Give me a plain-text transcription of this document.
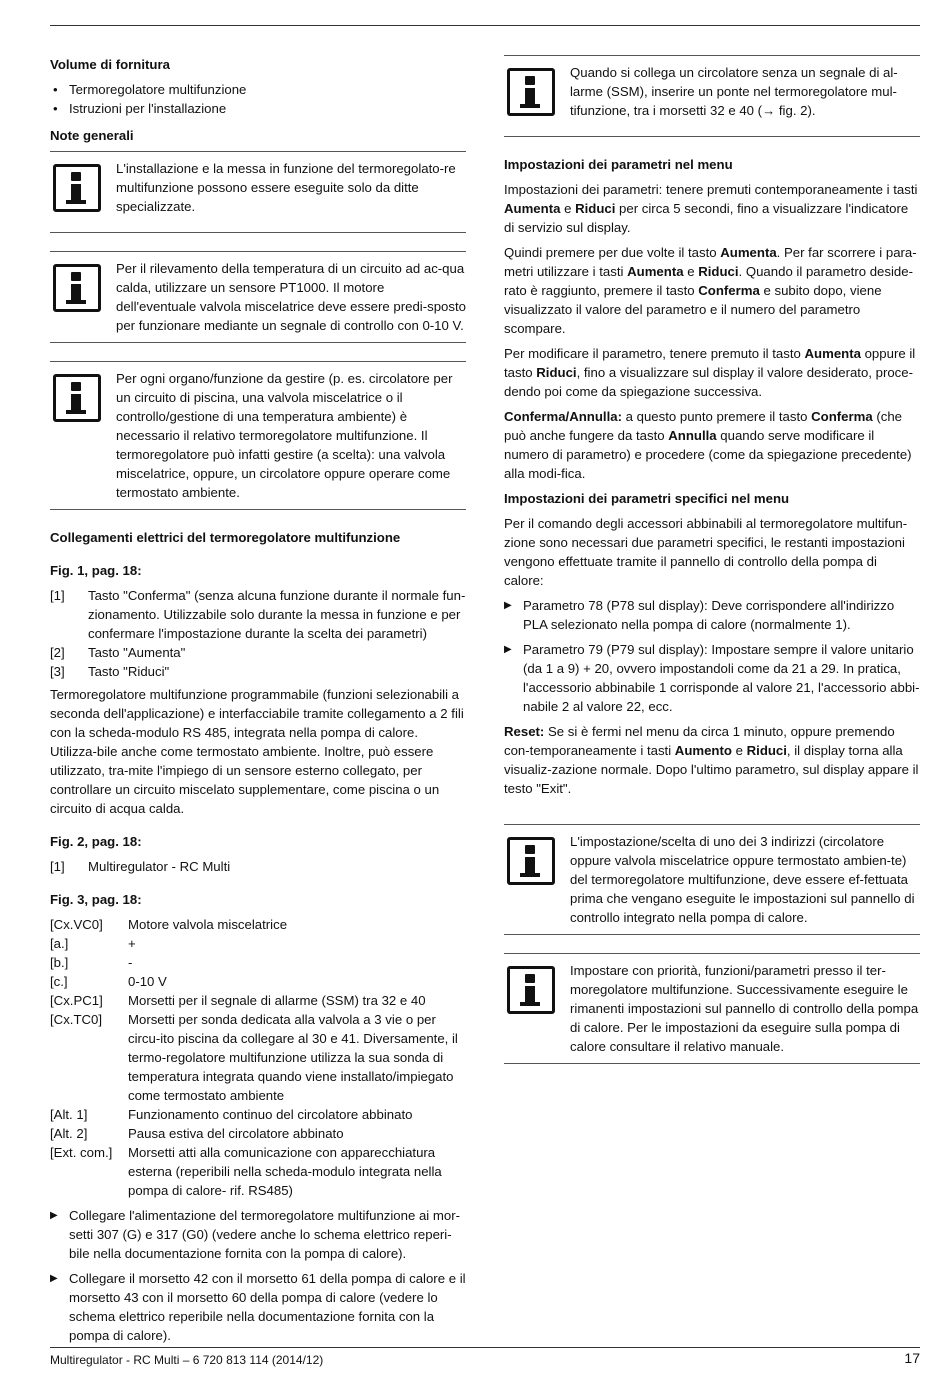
Volume di fornitura
• Termoregolatore multifunzione
• Istruzioni per l'installazione
Note generali
L'installazione e la messa in funzione del termoregolato-re multifunzione possono essere eseguite solo da ditte specializzate.
Per il rilevamento della temperatura di un circuito ad ac-qua calda, utilizzare un sensore PT1000. Il motore dell'eventuale valvola miscelatrice deve essere predi-sposto per funzionare mediante un segnale di controllo con 0-10 V.
Per ogni organo/funzione da gestire (p. es. circolatore per un circuito di piscina, una valvola miscelatrice o il controllo/gestione di una temperatura ambiente) è necessario il relativo termoregolatore multifunzione. Il termoregolatore può infatti gestire (a scelta): una valvola miscelatrice, oppure, un circolatore oppure operare come termostato ambiente.
Collegamenti elettrici del termoregolatore multifunzione
Fig. 1, pag. 18:
[1]	Tasto "Conferma" (senza alcuna funzione durante il normale fun-zionamento. Utilizzabile solo durante la messa in funzione e per confermare l'impostazione durante la scelta dei parametri)
[2]	Tasto "Aumenta"
[3]	Tasto "Riduci"

Termoregolatore multifunzione programmabile (funzioni selezionabili a seconda dell'applicazione) e interfacciabile tramite collegamento a 2 fili con la scheda-modulo RS 485, integrata nella pompa di calore. Utilizza-bile anche come termostato ambiente. Inoltre, può essere utilizzato, tra-mite l'impiego di un sensore esterno collegato, per controllare un circuito miscelato supplementare, come piscina o un circuito di acqua calda.

Fig. 2, pag. 18:
[1]	Multiregulator - RC Multi
Fig. 3, pag. 18:
[Cx.VC0]	Motore valvola miscelatrice
[a.]	+
[b.]	-
[c.]	0-10 V
[Cx.PC1]	Morsetti per il segnale di allarme (SSM) tra 32 e 40
[Cx.TC0]	Morsetti per sonda dedicata alla valvola a 3 vie o per circu-ito piscina da collegare al 30 e 41. Diversamente, il termo-regolatore multifunzione utilizza la sua sonda di temperatura integrata quando viene installato/impiegato come termostato ambiente
[Alt. 1]	Funzionamento continuo del circolatore abbinato
[Alt. 2]	Pausa estiva del circolatore abbinato
[Ext. com.]	Morsetti atti alla comunicazione con apparecchiatura esterna (reperibili nella scheda-modulo integrata nella pompa di calore- rif. RS485)
▶ Collegare l'alimentazione del termoregolatore multifunzione ai mor-setti 307 (G) e 317 (G0) (vedere anche lo schema elettrico reperi-bile nella documentazione fornita con la pompa di calore).
▶ Collegare il morsetto 42 con il morsetto 61 della pompa di calore e il morsetto 43 con il morsetto 60 della pompa di calore (vedere lo schema elettrico reperibile nella documentazione fornita con la pompa di calore).
Quando si collega un circolatore senza un segnale di al-larme (SSM), inserire un ponte nel termoregolatore mul-tifunzione, tra i morsetti 32 e 40 (→ fig. 2).
Impostazioni dei parametri nel menu

Impostazioni dei parametri: tenere premuti contemporaneamente i tasti Aumenta e Riduci per circa 5 secondi, fino a visualizzare l'indicatore di servizio sul display.

Quindi premere per due volte il tasto Aumenta. Per far scorrere i para-metri utilizzare i tasti Aumenta e Riduci. Quando il parametro deside-rato è raggiunto, premere il tasto Conferma e subito dopo, viene visualizzato il valore del parametro e il numero del parametro scompare.

Per modificare il parametro, tenere premuto il tasto Aumenta oppure il tasto Riduci, fino a visualizzare sul display il valore desiderato, proce-dendo poi come da spiegazione successiva.

Conferma/Annulla: a questo punto premere il tasto Conferma (che può anche fungere da tasto Annulla quando serve modificare il numero di parametro) e procedere (come da spiegazione precedente) alla modi-fica.

Impostazioni dei parametri specifici nel menu

Per il comando degli accessori abbinabili al termoregolatore multifun-zione sono necessari due parametri specifici, le restanti impostazioni vengono effettuate tramite il pannello di controllo della pompa di calore:

▶ Parametro 78 (P78 sul display): Deve corrispondere all'indirizzo PLA selezionato nella pompa di calore (normalmente 1).
▶ Parametro 79 (P79 sul display): Impostare sempre il valore unitario (da 1 a 9) + 20, ovvero impostandoli come da 21 a 29. In pratica, l'accessorio abbinabile 1 corrisponde al valore 21, l'accessorio abbi-nabile 2 al valore 22, ecc.

Reset: Se si è fermi nel menu da circa 1 minuto, oppure premendo con-temporaneamente i tasti Aumento e Riduci, il display torna alla visualiz-zazione normale. Dopo l'ultimo parametro, sul display appare il testo "Exit".

L'impostazione/scelta di uno dei 3 indirizzi (circolatore oppure valvola miscelatrice oppure termostato ambien-te) del termoregolatore multifunzione, deve essere ef-fettuata prima che vengano eseguite le impostazioni sul pannello di controllo integrato nella pompa di calore.
Impostare con priorità, funzioni/parametri presso il ter-moregolatore multifunzione. Successivamente eseguire le rimanenti impostazioni sul pannello di controllo della pompa di calore. Per le impostazioni da eseguire sulla pompa di calore consultare il relativo manuale.
Multiregulator - RC Multi – 6 720 813 114 (2014/12)	17
